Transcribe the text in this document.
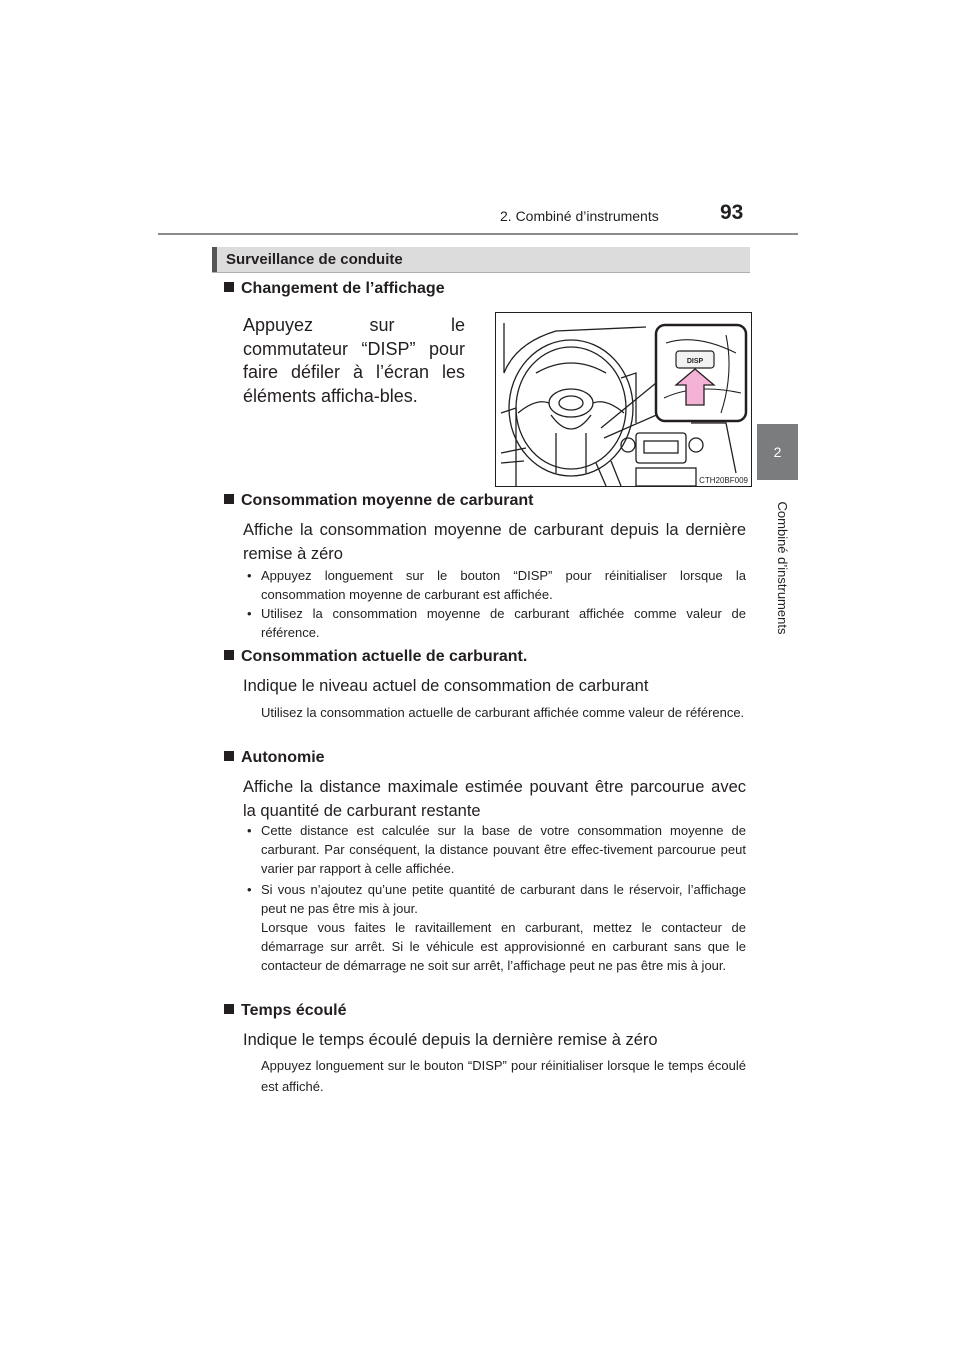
2. Combiné d’instruments	93
2
Combiné d’instruments
Surveillance de conduite
Changement de l’affichage
Appuyez sur le commutateur “DISP” pour faire défiler à l’écran les éléments afficha-bles.
DISP
CTH20BF009
Consommation moyenne de carburant
Affiche la consommation moyenne de carburant depuis la dernière remise à zéro
• Appuyez longuement sur le bouton “DISP” pour réinitialiser lorsque la consommation moyenne de carburant est affichée.
• Utilisez la consommation moyenne de carburant affichée comme valeur de référence.
Consommation actuelle de carburant.
Indique le niveau actuel de consommation de carburant
Utilisez la consommation actuelle de carburant affichée comme valeur de référence.
Autonomie
Affiche la distance maximale estimée pouvant être parcourue avec la quantité de carburant restante
• Cette distance est calculée sur la base de votre consommation moyenne de carburant. Par conséquent, la distance pouvant être effec-tivement parcourue peut varier par rapport à celle affichée.
• Si vous n’ajoutez qu’une petite quantité de carburant dans le réservoir, l’affichage peut ne pas être mis à jour.
Lorsque vous faites le ravitaillement en carburant, mettez le contacteur de démarrage sur arrêt. Si le véhicule est approvisionné en carburant sans que le contacteur de démarrage ne soit sur arrêt, l’affichage peut ne pas être mis à jour.
Temps écoulé
Indique le temps écoulé depuis la dernière remise à zéro
Appuyez longuement sur le bouton “DISP” pour réinitialiser lorsque le temps écoulé est affiché.
